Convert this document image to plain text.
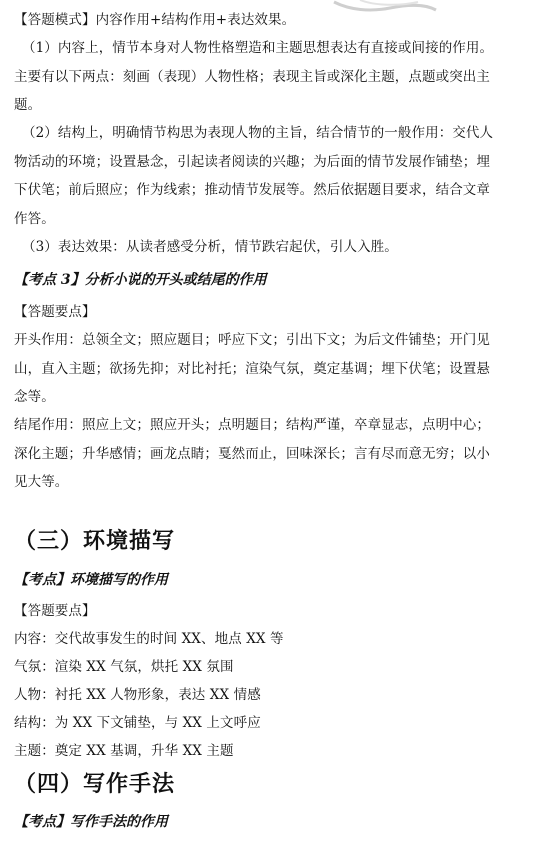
【答题模式】内容作用+结构作用+表达效果。
（1）内容上，情节本身对人物性格塑造和主题思想表达有直接或间接的作用。
主要有以下两点：刻画（表现）人物性格；表现主旨或深化主题，点题或突出主
题。
（2）结构上，明确情节构思为表现人物的主旨，结合情节的一般作用：交代人
物活动的环境；设置悬念，引起读者阅读的兴趣；为后面的情节发展作铺垫；埋
下伏笔；前后照应；作为线索；推动情节发展等。然后依据题目要求，结合文章
作答。
（3）表达效果：从读者感受分析，情节跌宕起伏，引人入胜。
【考点 3】分析小说的开头或结尾的作用
【答题要点】
开头作用：总领全文；照应题目；呼应下文；引出下文；为后文件铺垫；开门见
山，直入主题；欲扬先抑；对比衬托；渲染气氛，奠定基调；埋下伏笔；设置悬
念等。
结尾作用：照应上文；照应开头；点明题目；结构严谨，卒章显志，点明中心；
深化主题；升华感情；画龙点睛；戛然而止，回味深长；言有尽而意无穷；以小
见大等。
（三）环境描写
【考点】环境描写的作用
【答题要点】
内容：交代故事发生的时间 XX、地点 XX 等
气氛：渲染 XX 气氛，烘托 XX 氛围
人物：衬托 XX 人物形象，表达 XX 情感
结构：为 XX 下文铺垫，与 XX 上文呼应
主题：奠定 XX 基调，升华 XX 主题
（四）写作手法
【考点】写作手法的作用
